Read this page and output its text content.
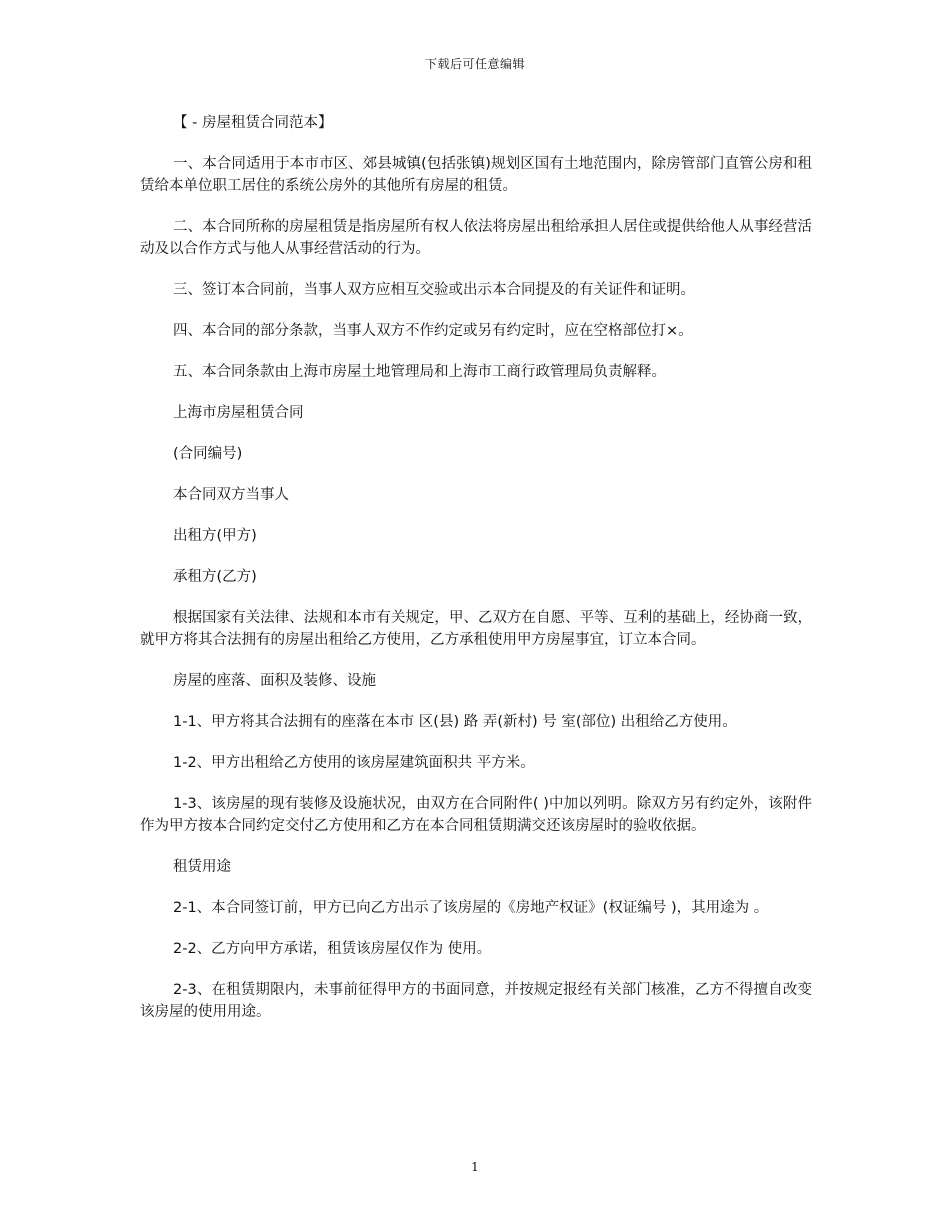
下载后可任意编辑

【 - 房屋租赁合同范本】

一、本合同适用于本市市区、郊县城镇(包括张镇)规划区国有土地范围内，除房管部门直管公房和租赁给本单位职工居住的系统公房外的其他所有房屋的租赁。

二、本合同所称的房屋租赁是指房屋所有权人依法将房屋出租给承担人居住或提供给他人从事经营活动及以合作方式与他人从事经营活动的行为。

三、签订本合同前，当事人双方应相互交验或出示本合同提及的有关证件和证明。

四、本合同的部分条款，当事人双方不作约定或另有约定时，应在空格部位打×。

五、本合同条款由上海市房屋土地管理局和上海市工商行政管理局负责解释。

上海市房屋租赁合同

(合同编号)

本合同双方当事人

出租方(甲方)

承租方(乙方)

根据国家有关法律、法规和本市有关规定，甲、乙双方在自愿、平等、互利的基础上，经协商一致，就甲方将其合法拥有的房屋出租给乙方使用，乙方承租使用甲方房屋事宜，订立本合同。

房屋的座落、面积及装修、设施

1-1、甲方将其合法拥有的座落在本市 区(县) 路 弄(新村) 号 室(部位) 出租给乙方使用。

1-2、甲方出租给乙方使用的该房屋建筑面积共 平方米。

1-3、该房屋的现有装修及设施状况，由双方在合同附件( )中加以列明。除双方另有约定外，该附件作为甲方按本合同约定交付乙方使用和乙方在本合同租赁期满交还该房屋时的验收依据。

租赁用途

2-1、本合同签订前，甲方已向乙方出示了该房屋的《房地产权证》(权证编号 )，其用途为 。

2-2、乙方向甲方承诺，租赁该房屋仅作为 使用。

2-3、在租赁期限内，未事前征得甲方的书面同意，并按规定报经有关部门核准，乙方不得擅自改变该房屋的使用用途。

1
